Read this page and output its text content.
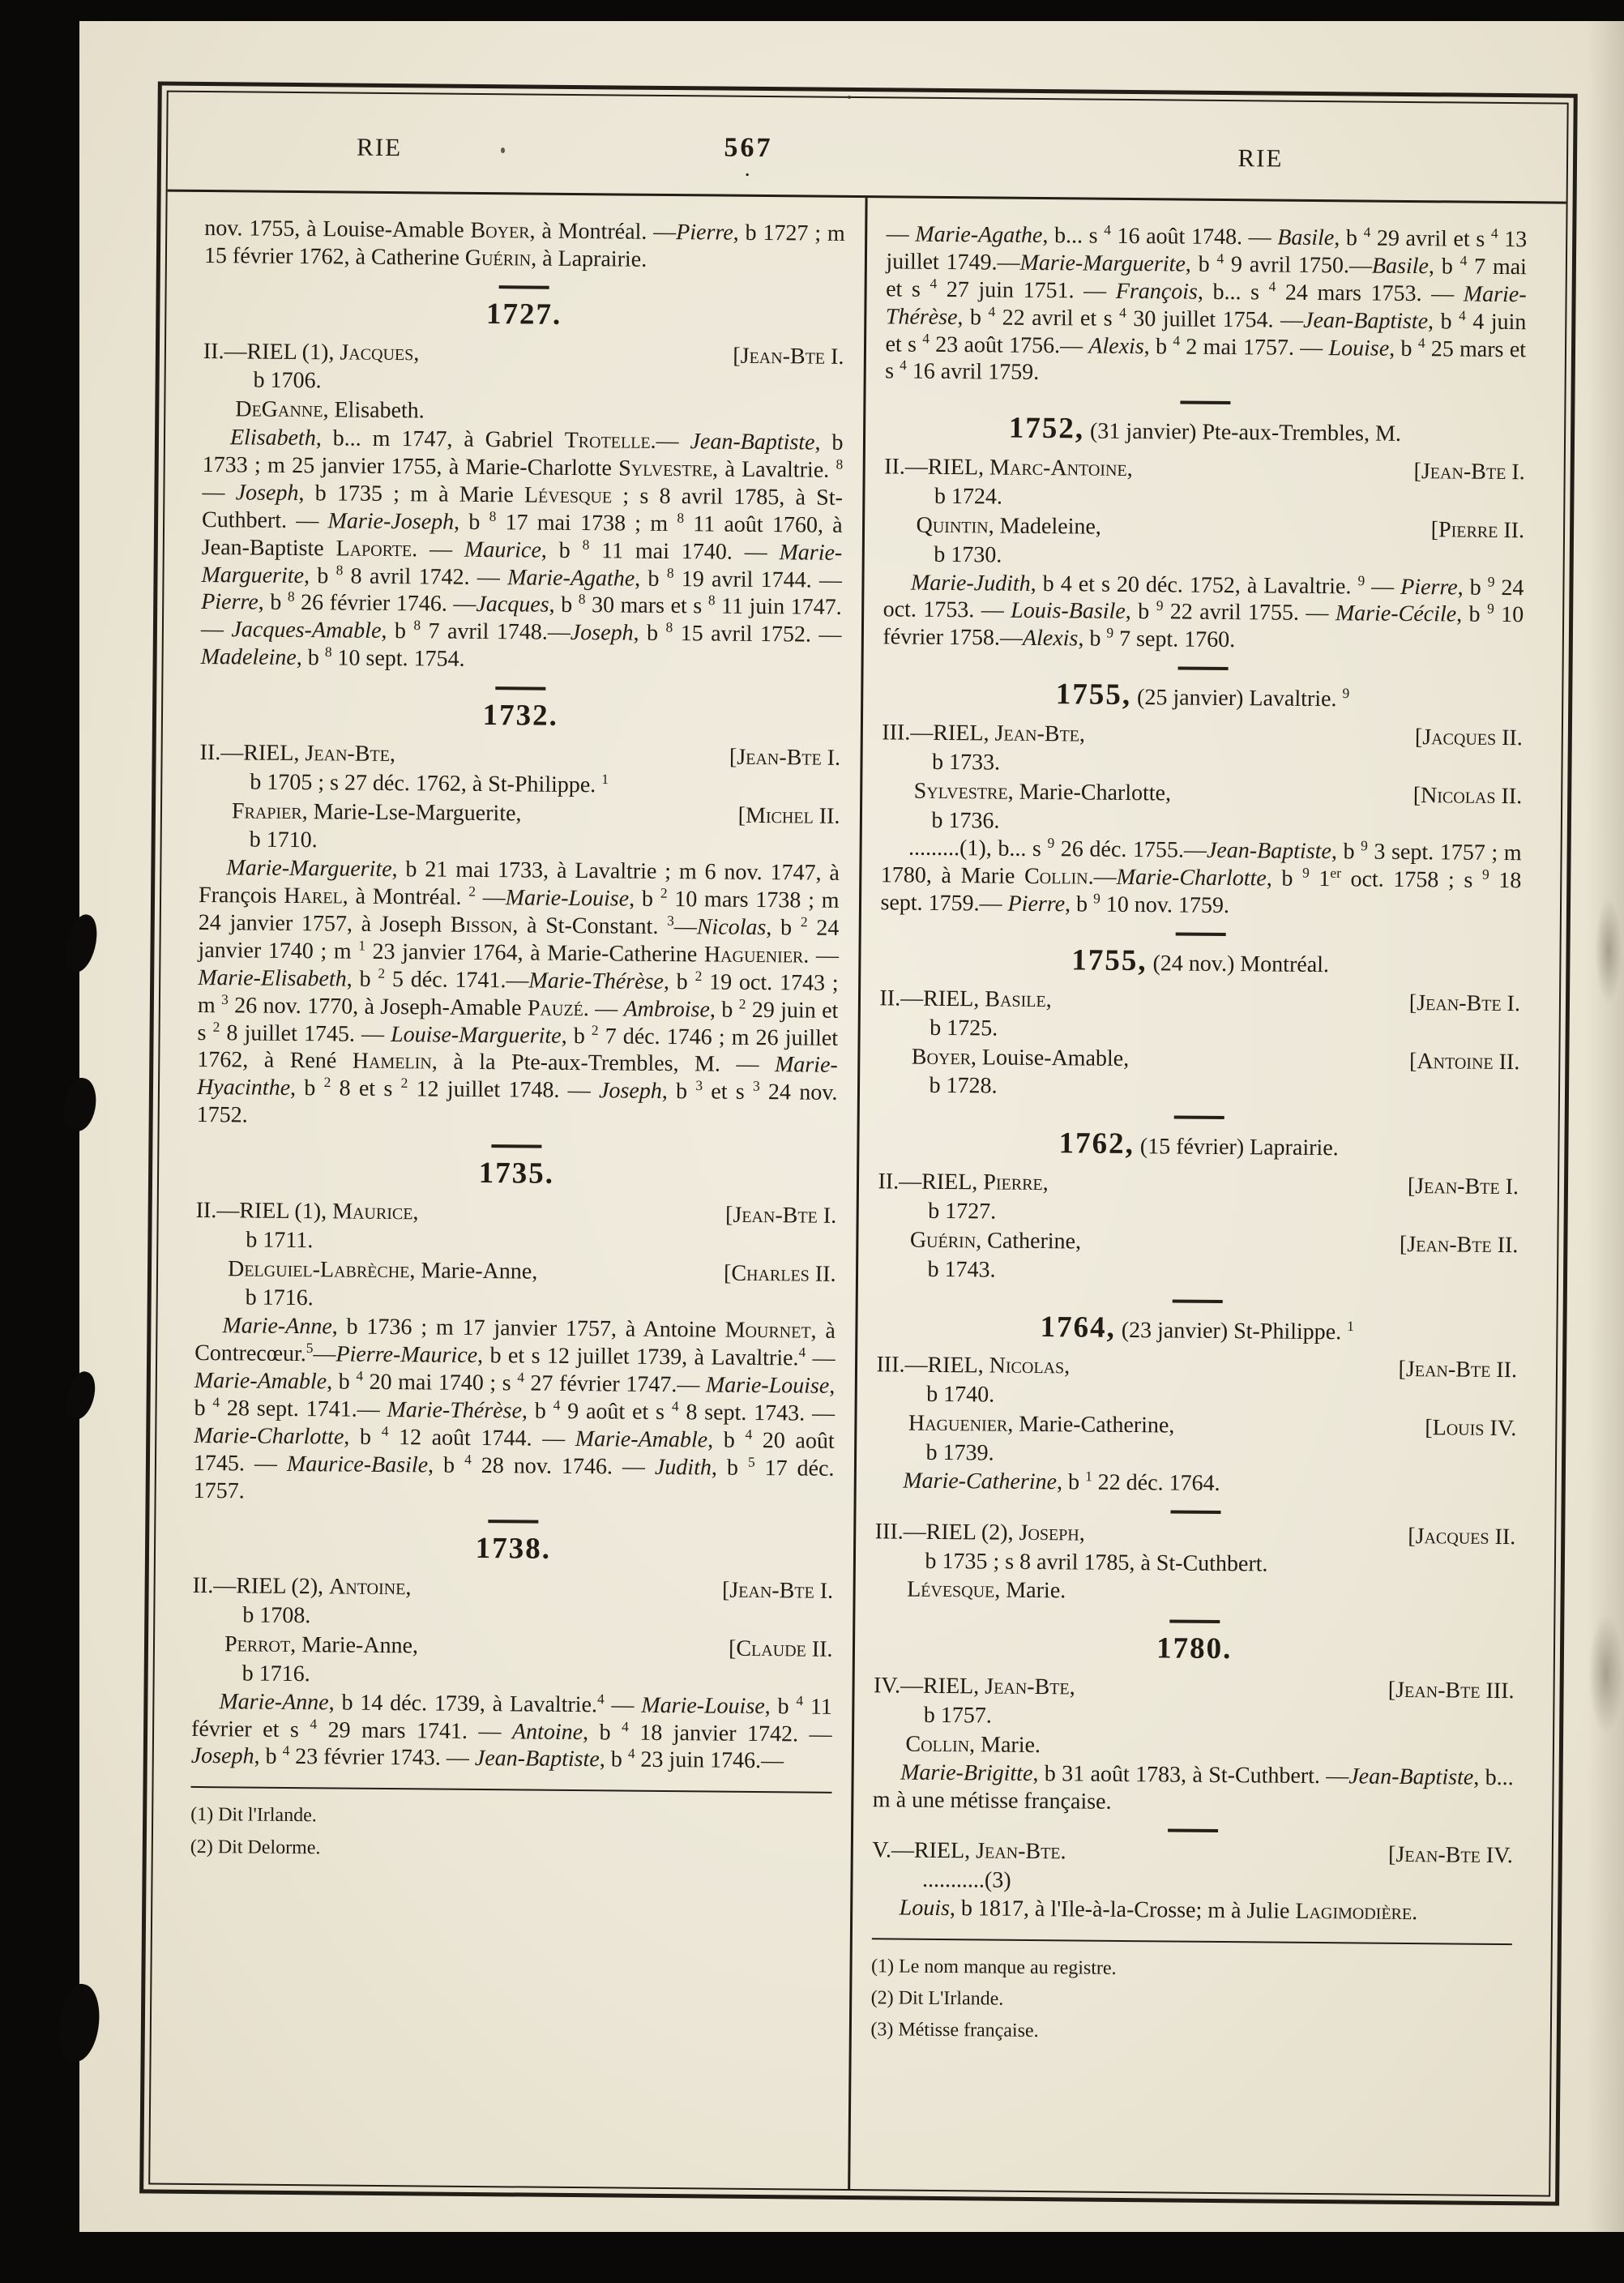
RIE	567
.	RIE

nov. 1755, à Louise-Amable Boyer, à Montréal. —Pierre, b 1727 ; m 15 février 1762, à Catherine Guérin, à Laprairie.

1727.
II.—RIEL (1), Jacques,	[Jean-Bte I.
b 1706.
DeGanne, Elisabeth.

Elisabeth, b... m 1747, à Gabriel Trotelle.— Jean-Baptiste, b 1733 ; m 25 janvier 1755, à Marie-Charlotte Sylvestre, à Lavaltrie. $^8$ — Joseph, b 1735 ; m à Marie Lévesque ; s 8 avril 1785, à St-Cuthbert. — Marie-Joseph, b $^8$ 17 mai 1738 ; m $^8$ 11 août 1760, à Jean-Baptiste Laporte. — Maurice, b $^8$ 11 mai 1740. — Marie-Marguerite, b $^8$ 8 avril 1742. — Marie-Agathe, b $^8$ 19 avril 1744. —Pierre, b $^8$ 26 février 1746. —Jacques, b $^8$ 30 mars et s $^8$ 11 juin 1747.— Jacques-Amable, b $^8$ 7 avril 1748.—Joseph, b $^8$ 15 avril 1752. — Madeleine, b $^8$ 10 sept. 1754.

1732.
II.—RIEL, Jean-Bte,	[Jean-Bte I.
b 1705 ; s 27 déc. 1762, à St-Philippe. $^1$
Frapier, Marie-Lse-Marguerite,	[Michel II.
b 1710.

Marie-Marguerite, b 21 mai 1733, à Lavaltrie ; m 6 nov. 1747, à François Harel, à Montréal. $^2$ —Marie-Louise, b $^2$ 10 mars 1738 ; m 24 janvier 1757, à Joseph Bisson, à St-Constant. $^3$—Nicolas, b $^2$ 24 janvier 1740 ; m $^1$ 23 janvier 1764, à Marie-Catherine Haguenier. — Marie-Elisabeth, b $^2$ 5 déc. 1741.—Marie-Thérèse, b $^2$ 19 oct. 1743 ; m $^3$ 26 nov. 1770, à Joseph-Amable Pauzé. — Ambroise, b $^2$ 29 juin et s $^2$ 8 juillet 1745. — Louise-Marguerite, b $^2$ 7 déc. 1746 ; m 26 juillet 1762, à René Hamelin, à la Pte-aux-Trembles, M. — Marie-Hyacinthe, b $^2$ 8 et s $^2$ 12 juillet 1748. — Joseph, b $^3$ et s $^3$ 24 nov. 1752.

1735.
II.—RIEL (1), Maurice,	[Jean-Bte I.
b 1711.
Delguiel-Labrèche, Marie-Anne,	[Charles II.
b 1716.

Marie-Anne, b 1736 ; m 17 janvier 1757, à Antoine Mournet, à Contrecœur.$^5$—Pierre-Maurice, b et s 12 juillet 1739, à Lavaltrie.$^4$ — Marie-Amable, b $^4$ 20 mai 1740 ; s $^4$ 27 février 1747.— Marie-Louise, b $^4$ 28 sept. 1741.— Marie-Thérèse, b $^4$ 9 août et s $^4$ 8 sept. 1743. — Marie-Charlotte, b $^4$ 12 août 1744. — Marie-Amable, b $^4$ 20 août 1745. — Maurice-Basile, b $^4$ 28 nov. 1746. — Judith, b $^5$ 17 déc. 1757.

1738.
II.—RIEL (2), Antoine,	[Jean-Bte I.
b 1708.
Perrot, Marie-Anne,	[Claude II.
b 1716.

Marie-Anne, b 14 déc. 1739, à Lavaltrie.$^4$ — Marie-Louise, b $^4$ 11 février et s $^4$ 29 mars 1741. — Antoine, b $^4$ 18 janvier 1742. — Joseph, b $^4$ 23 février 1743. — Jean-Baptiste, b $^4$ 23 juin 1746.—

(1) Dit l'Irlande.
(2) Dit Delorme.

— Marie-Agathe, b... s $^4$ 16 août 1748. — Basile, b $^4$ 29 avril et s $^4$ 13 juillet 1749.—Marie-Marguerite, b $^4$ 9 avril 1750.—Basile, b $^4$ 7 mai et s $^4$ 27 juin 1751. — François, b... s $^4$ 24 mars 1753. — Marie-Thérèse, b $^4$ 22 avril et s $^4$ 30 juillet 1754. —Jean-Baptiste, b $^4$ 4 juin et s $^4$ 23 août 1756.— Alexis, b $^4$ 2 mai 1757. — Louise, b $^4$ 25 mars et s $^4$ 16 avril 1759.

1752, (31 janvier) Pte-aux-Trembles, M.
II.—RIEL, Marc-Antoine,	[Jean-Bte I.
b 1724.
Quintin, Madeleine,	[Pierre II.
b 1730.

Marie-Judith, b 4 et s 20 déc. 1752, à Lavaltrie. $^9$ — Pierre, b $^9$ 24 oct. 1753. — Louis-Basile, b $^9$ 22 avril 1755. — Marie-Cécile, b $^9$ 10 février 1758.—Alexis, b $^9$ 7 sept. 1760.

1755, (25 janvier) Lavaltrie. $^9$
III.—RIEL, Jean-Bte,	[Jacques II.
b 1733.
Sylvestre, Marie-Charlotte,	[Nicolas II.
b 1736.

.........(1), b... s $^9$ 26 déc. 1755.—Jean-Baptiste, b $^9$ 3 sept. 1757 ; m 1780, à Marie Collin.—Marie-Charlotte, b $^9$ 1er oct. 1758 ; s $^9$ 18 sept. 1759.— Pierre, b $^9$ 10 nov. 1759.

1755, (24 nov.) Montréal.
II.—RIEL, Basile,	[Jean-Bte I.
b 1725.
Boyer, Louise-Amable,	[Antoine II.
b 1728.
1762, (15 février) Laprairie.
II.—RIEL, Pierre,	[Jean-Bte I.
b 1727.
Guérin, Catherine,	[Jean-Bte II.
b 1743.
1764, (23 janvier) St-Philippe. $^1$
III.—RIEL, Nicolas,	[Jean-Bte II.
b 1740.
Haguenier, Marie-Catherine,	[Louis IV.
b 1739.

Marie-Catherine, b $^1$ 22 déc. 1764.

III.—RIEL (2), Joseph,	[Jacques II.
b 1735 ; s 8 avril 1785, à St-Cuthbert.
Lévesque, Marie.
1780.
IV.—RIEL, Jean-Bte,	[Jean-Bte III.
b 1757.
Collin, Marie.

Marie-Brigitte, b 31 août 1783, à St-Cuthbert. —Jean-Baptiste, b... m à une métisse française.

V.—RIEL, Jean-Bte.	[Jean-Bte IV.
...........(3)

Louis, b 1817, à l'Ile-à-la-Crosse; m à Julie Lagimodière.

(1) Le nom manque au registre.
(2) Dit L'Irlande.
(3) Métisse française.
